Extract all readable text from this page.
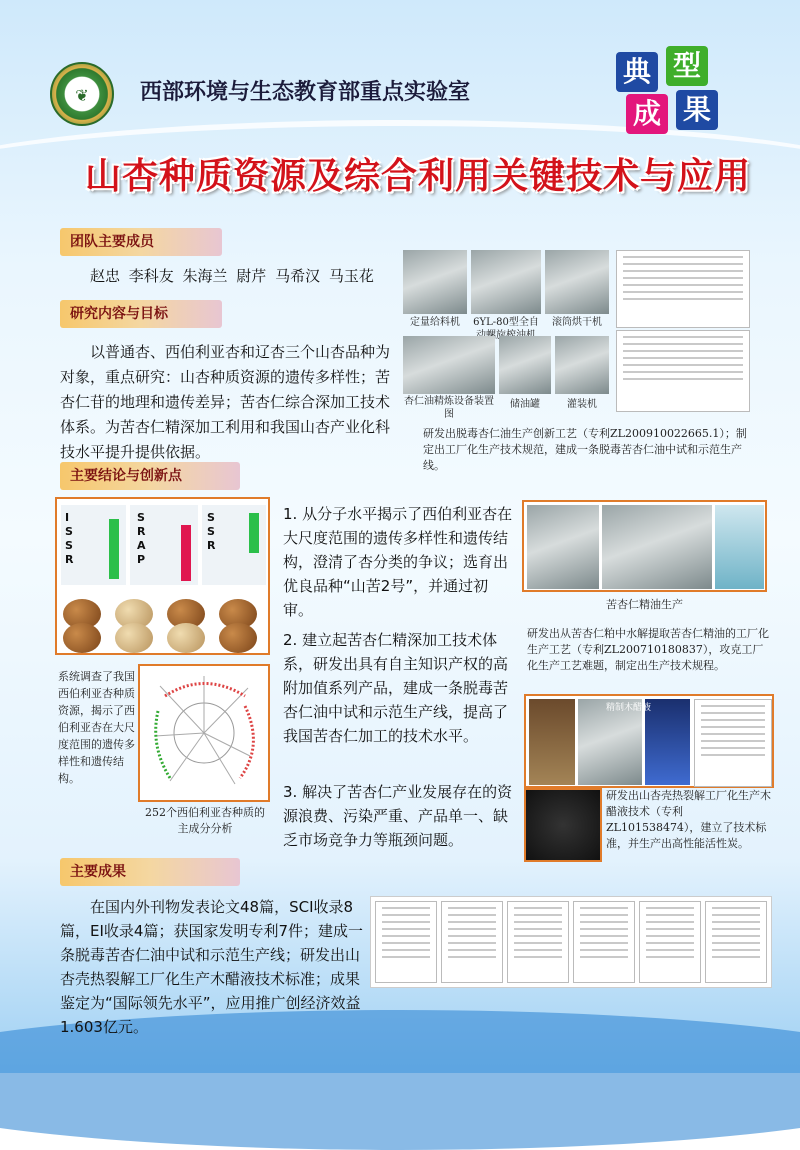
❦	西部环境与生态教育部重点实验室
典 型
成 果
山杏种质资源及综合利用关键技术与应用
团队主要成员
赵忠 李科友 朱海兰 尉芹 马希汉 马玉花
研究内容与目标
以普通杏、西伯利亚杏和辽杏三个山杏品种为对象，重点研究：山杏种质资源的遗传多样性；苦杏仁苷的地理和遗传差异；苦杏仁综合深加工技术体系。为苦杏仁精深加工利用和我国山杏产业化科技水平提升提供依据。
定量给料机	6YL-80型全自	滚筒烘干机
杏仁油精炼设备装置图
储油罐	灌装机
研发出脱毒杏仁油生产创新工艺（专利ZL200910022665.1）；制定出工厂化生产技术规范，建成一条脱毒苦杏仁油中试和示范生产线。
主要结论与创新点
ISSR
SRAP
SSR
系统调查了我国西伯利亚杏种质资源，揭示了西伯利亚杏在大尺度范围的遗传多样性和遗传结构。
252个西伯利亚杏种质的主成分分析
1. 从分子水平揭示了西伯利亚杏在大尺度范围的遗传多样性和遗传结构，澄清了杏分类的争议；选育出优良品种“山苦2号”，并通过初审。
2. 建立起苦杏仁精深加工技术体系，研发出具有自主知识产权的高附加值系列产品，建成一条脱毒苦杏仁油中试和示范生产线，提高了我国苦杏仁加工的技术水平。
3. 解决了苦杏仁产业发展存在的资源浪费、污染严重、产品单一、缺乏市场竞争力等瓶颈问题。
苦杏仁精油生产
研发出从苦杏仁粕中水解提取苦杏仁精油的工厂化生产工艺（专利ZL200710180837），攻克工厂化生产工艺难题，制定出生产技术规程。
精制木醋液
研发出山杏壳热裂解工厂化生产木醋液技术（专利ZL101538474），建立了技术标准，并生产出高性能活性炭。
主要成果
在国内外刊物发表论文48篇，SCI收录8篇，EI收录4篇；获国家发明专利7件；建成一条脱毒苦杏仁油中试和示范生产线；研发出山杏壳热裂解工厂化生产木醋液技术标准；成果鉴定为“国际领先水平”，应用推广创经济效益1.603亿元。
